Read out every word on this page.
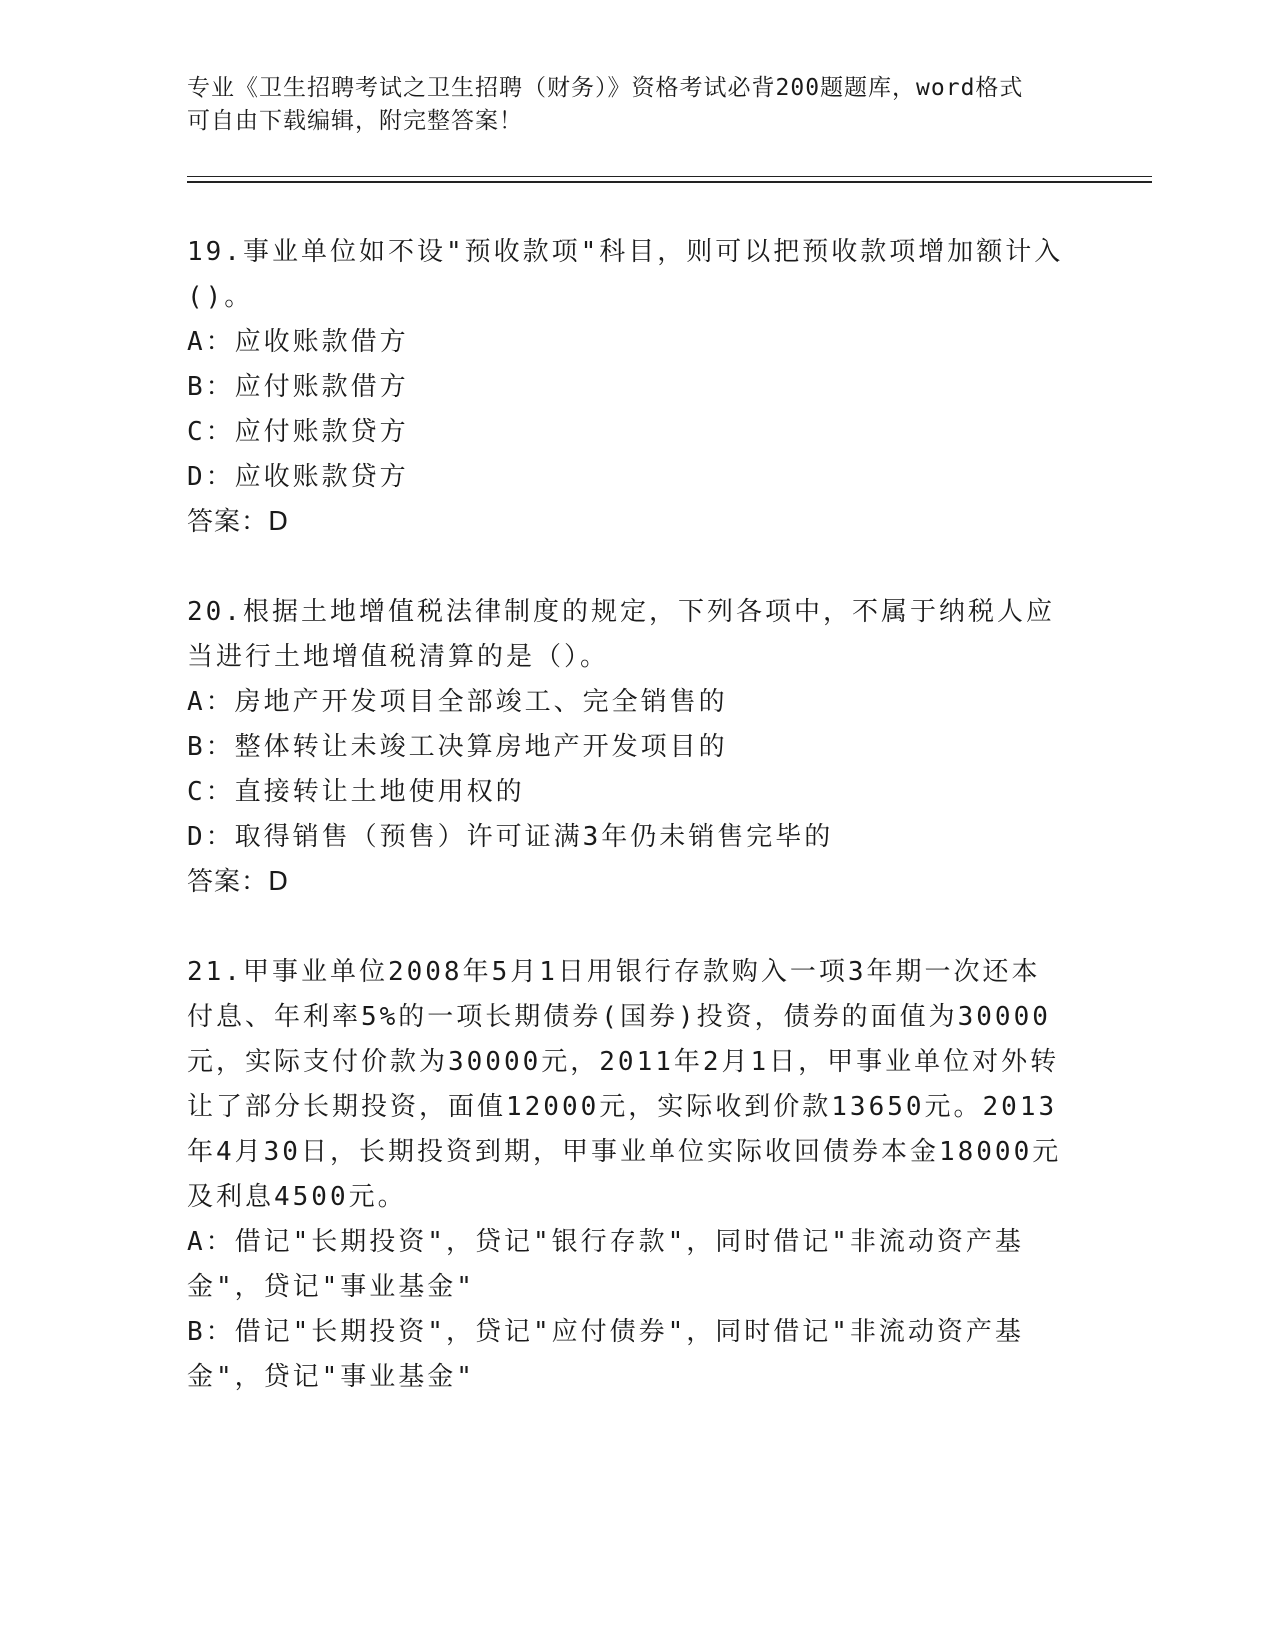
专业《卫生招聘考试之卫生招聘（财务）》资格考试必背200题题库，word格式
可自由下载编辑，附完整答案！
19.事业单位如不设"预收款项"科目，则可以把预收款项增加额计入()。
A：应收账款借方
B：应付账款借方
C：应付账款贷方
D：应收账款贷方
答案：D
20.根据土地增值税法律制度的规定，下列各项中，不属于纳税人应当进行土地增值税清算的是（）。
A：房地产开发项目全部竣工、完全销售的
B：整体转让未竣工决算房地产开发项目的
C：直接转让土地使用权的
D：取得销售（预售）许可证满3年仍未销售完毕的
答案：D
21.甲事业单位2008年5月1日用银行存款购入一项3年期一次还本付息、年利率5%的一项长期债券(国券)投资，债券的面值为30000元，实际支付价款为30000元，2011年2月1日，甲事业单位对外转让了部分长期投资，面值12000元，实际收到价款13650元。2013年4月30日，长期投资到期，甲事业单位实际收回债券本金18000元及利息4500元。
A：借记"长期投资"，贷记"银行存款"，同时借记"非流动资产基金"，贷记"事业基金"
B：借记"长期投资"，贷记"应付债券"，同时借记"非流动资产基金"，贷记"事业基金"
